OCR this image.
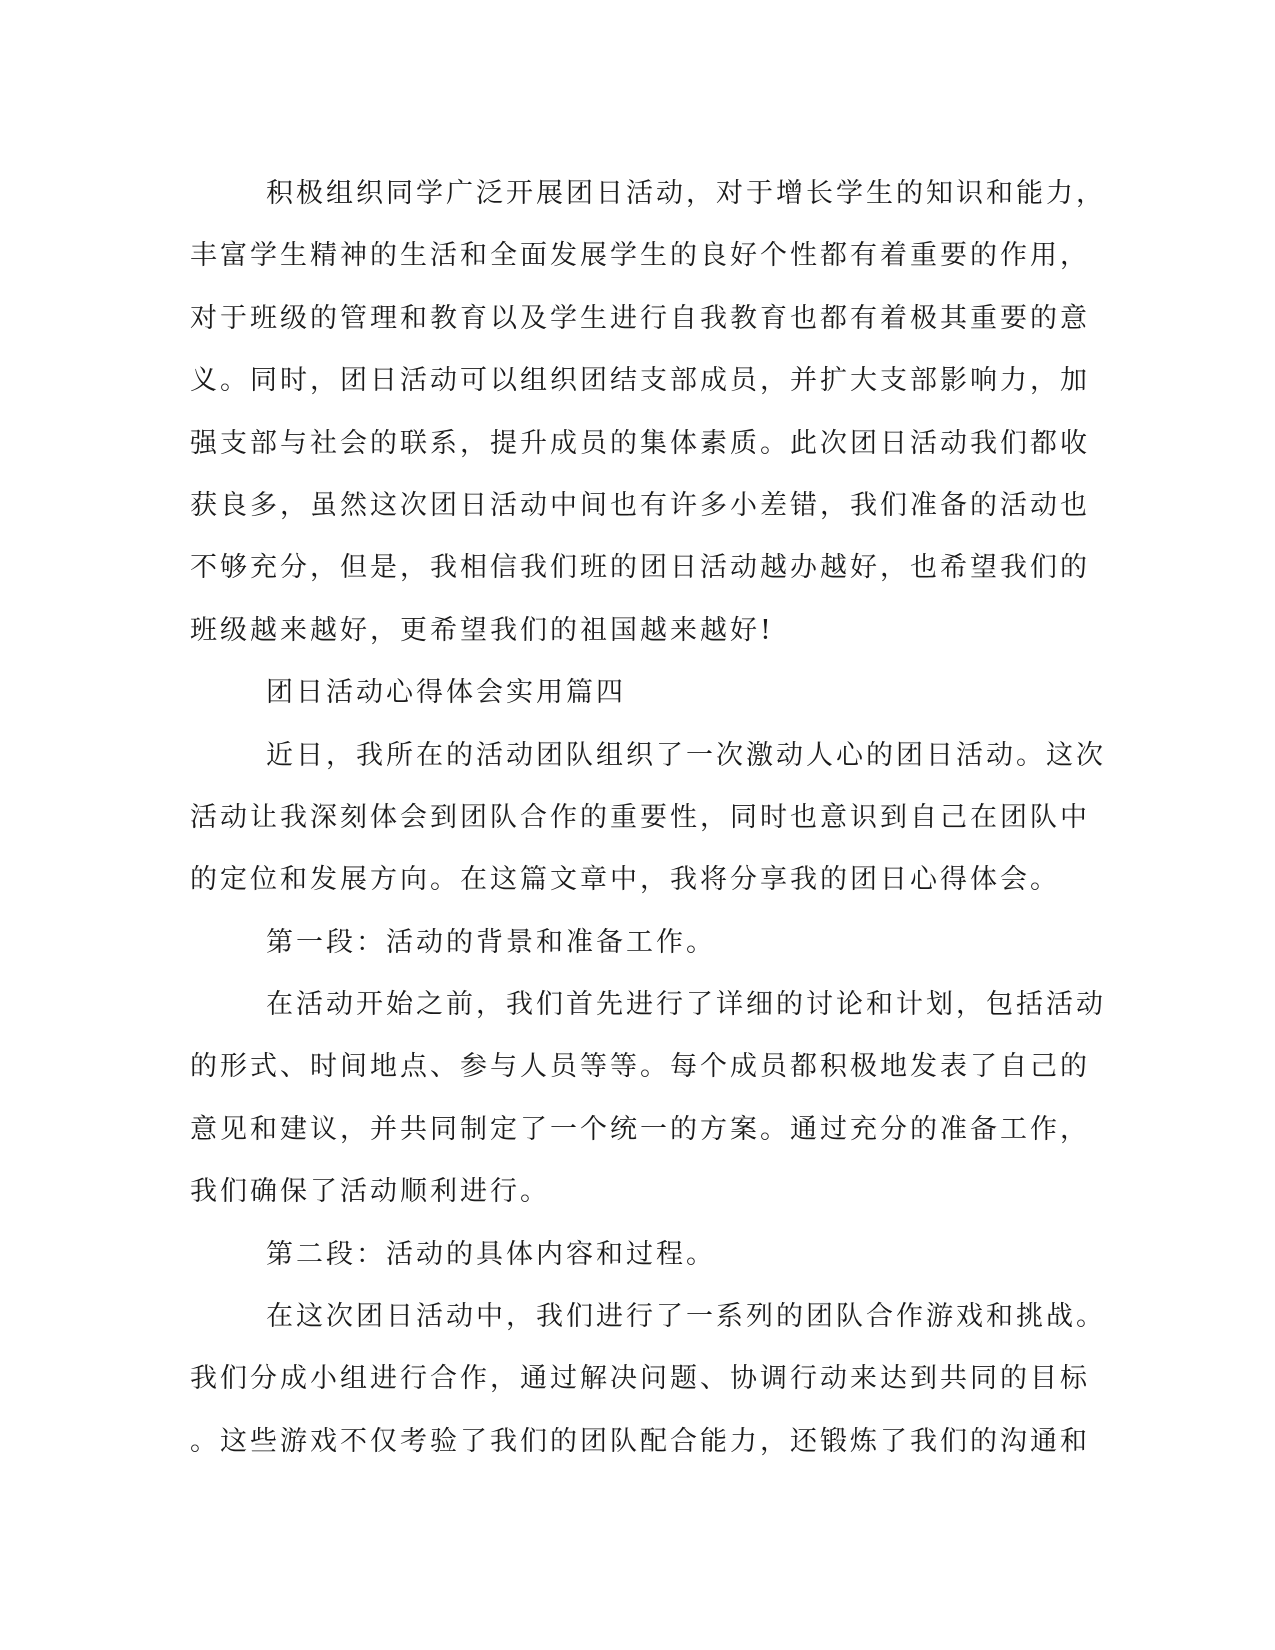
积极组织同学广泛开展团日活动，对于增长学生的知识和能力，
丰富学生精神的生活和全面发展学生的良好个性都有着重要的作用，
对于班级的管理和教育以及学生进行自我教育也都有着极其重要的意
义。同时，团日活动可以组织团结支部成员，并扩大支部影响力，加
强支部与社会的联系，提升成员的集体素质。此次团日活动我们都收
获良多，虽然这次团日活动中间也有许多小差错，我们准备的活动也
不够充分，但是，我相信我们班的团日活动越办越好，也希望我们的
班级越来越好，更希望我们的祖国越来越好!
团日活动心得体会实用篇四
近日，我所在的活动团队组织了一次激动人心的团日活动。这次
活动让我深刻体会到团队合作的重要性，同时也意识到自己在团队中
的定位和发展方向。在这篇文章中，我将分享我的团日心得体会。
第一段：活动的背景和准备工作。
在活动开始之前，我们首先进行了详细的讨论和计划，包括活动
的形式、时间地点、参与人员等等。每个成员都积极地发表了自己的
意见和建议，并共同制定了一个统一的方案。通过充分的准备工作，
我们确保了活动顺利进行。
第二段：活动的具体内容和过程。
在这次团日活动中，我们进行了一系列的团队合作游戏和挑战。
我们分成小组进行合作，通过解决问题、协调行动来达到共同的目标
。这些游戏不仅考验了我们的团队配合能力，还锻炼了我们的沟通和
